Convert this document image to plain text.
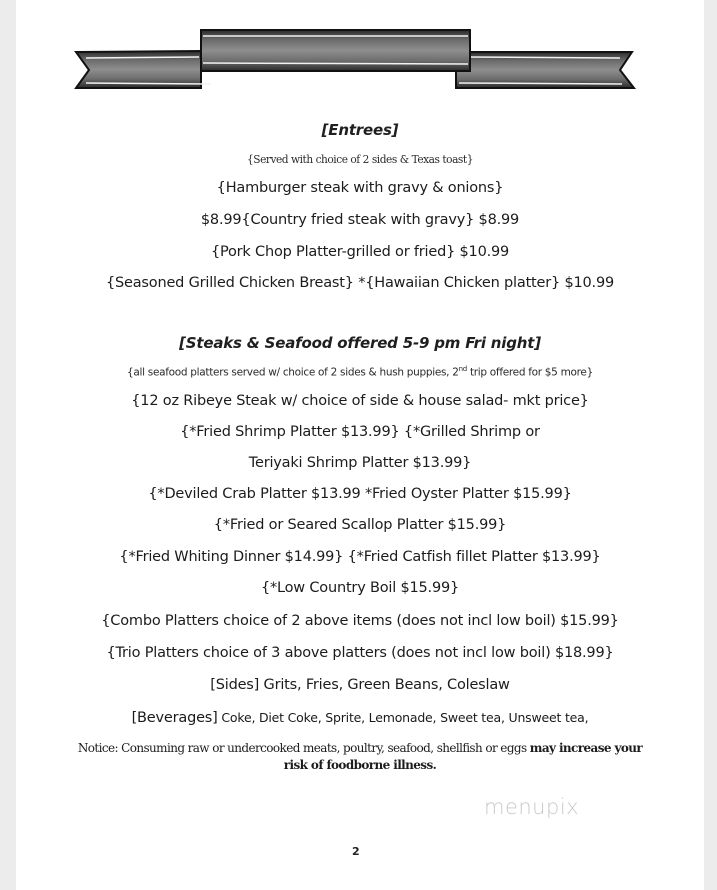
[Entrees]
{Served with choice of 2 sides & Texas toast}
{Hamburger steak with gravy & onions}
$8.99{Country fried steak with gravy} $8.99
{Pork Chop Platter-grilled or fried} $10.99
{Seasoned Grilled Chicken Breast} *{Hawaiian Chicken platter} $10.99
[Steaks & Seafood offered 5-9 pm Fri night]
{all seafood platters served w/ choice of 2 sides & hush puppies, 2nd trip offered for $5 more}
{12 oz Ribeye Steak w/ choice of side & house salad- mkt price}
{*Fried Shrimp Platter $13.99} {*Grilled Shrimp or
Teriyaki Shrimp Platter $13.99}
{*Deviled Crab Platter $13.99 *Fried Oyster Platter $15.99}
{*Fried or Seared Scallop Platter $15.99}
{*Fried Whiting Dinner $14.99} {*Fried Catfish fillet Platter $13.99}
{*Low Country Boil $15.99}
{Combo Platters choice of 2 above items (does not incl low boil) $15.99}
{Trio Platters choice of 3 above platters (does not incl low boil) $18.99}
[Sides] Grits, Fries, Green Beans, Coleslaw
[Beverages] Coke, Diet Coke, Sprite, Lemonade, Sweet tea, Unsweet tea,
Notice: Consuming raw or undercooked meats, poultry, seafood, shellfish or eggs may increase your
risk of foodborne illness.
menupix
2
